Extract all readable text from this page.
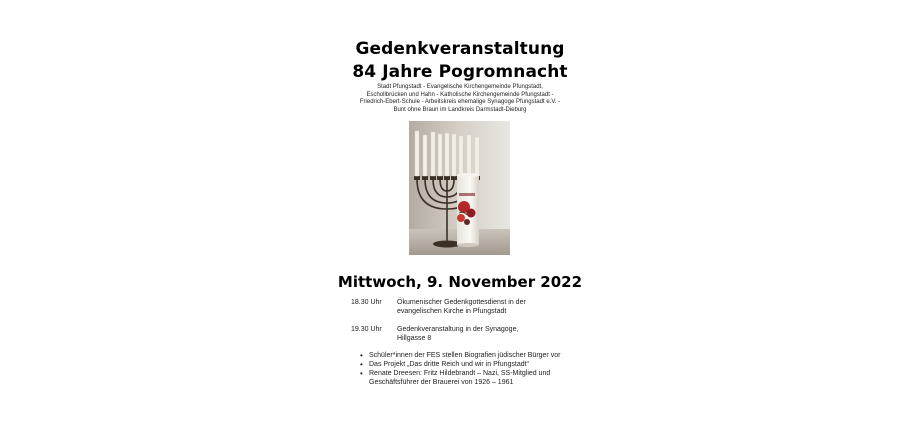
Gedenkveranstaltung
84 Jahre Pogromnacht
Stadt Pfungstadt - Evangelische Kirchengemeinde Pfungstadt,
Eschollbrücken und Hahn - Katholische Kirchengemeinde Pfungstadt -
Friedrich-Ebert-Schule - Arbeitskreis ehemalige Synagoge Pfungstadt e.V. -
Bunt ohne Braun im Landkreis Darmstadt-Dieburg
Mittwoch, 9. November 2022
18.30 Uhr Ökumenischer Gedenkgottesdienst in der
evangelischen Kirche in Pfungstadt
19.30 Uhr Gedenkveranstaltung in der Synagoge,
Hillgasse 8
• Schüler*innen der FES stellen Biografien jüdischer Bürger vor
• Das Projekt „Das dritte Reich und wir in Pfungstadt“
• Renate Dreesen: Fritz Hildebrandt – Nazi, SS-Mitglied und
Geschäftsführer der Brauerei von 1926 – 1961
